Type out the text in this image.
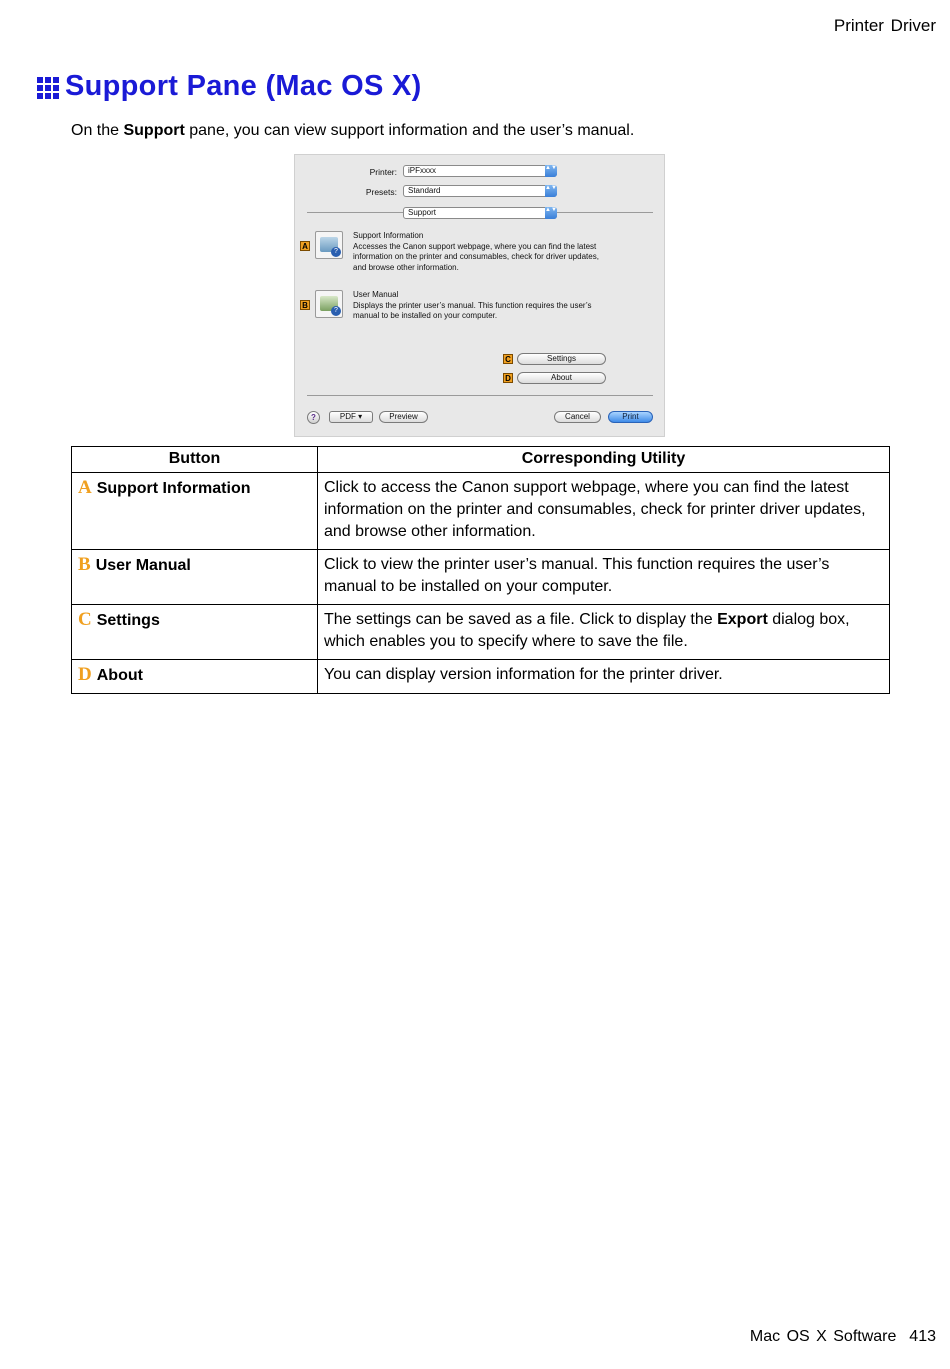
Printer Driver
Support Pane (Mac OS X)

On the Support pane, you can view support information and the user’s manual.

Printer:	iPFxxxx	▲▼
Presets:	Standard	▲▼
Support	▲▼
A
?
Support Information
Accesses the Canon support webpage, where you can find the latest information on the printer and consumables, check for driver updates, and browse other information.
B
?
User Manual
Displays the printer user’s manual. This function requires the user’s manual to be installed on your computer.
C	Settings
D	About
?	PDF ▾	Preview	Cancel	Print
Button	Corresponding Utility
A Support Information	Click to access the Canon support webpage, where you can find the latest information on the printer and consumables, check for printer driver updates, and browse other information.
B User Manual	Click to view the printer user’s manual. This function requires the user’s manual to be installed on your computer.
C Settings	The settings can be saved as a file. Click to display the Export dialog box, which enables you to specify where to save the file.
D About	You can display version information for the printer driver.
Mac OS X Software 413
